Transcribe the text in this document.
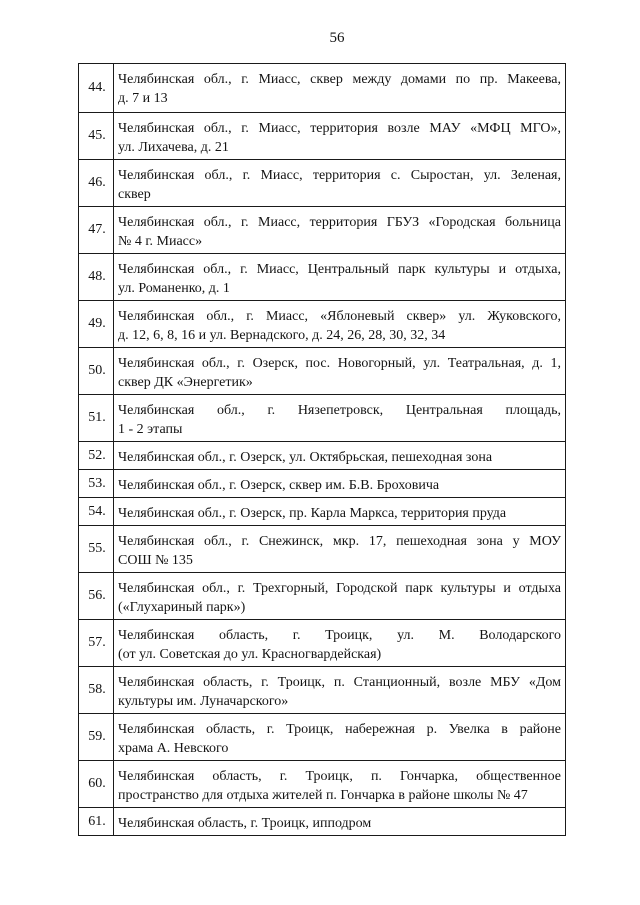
56
44.
Челябинская обл., г. Миасс, сквер между домами по пр. Макеева,
д. 7 и 13
45. Челябинская обл., г. Миасс, территория возле МАУ «МФЦ МГО»,
ул. Лихачева, д. 21
46. Челябинская обл., г. Миасс, территория с. Сыростан, ул. Зеленая,
сквер
47. Челябинская обл., г. Миасс, территория ГБУЗ «Городская больница
№ 4 г. Миасс»
48. Челябинская обл., г. Миасс, Центральный парк культуры и отдыха,
ул. Романенко, д. 1
49. Челябинская обл., г. Миасс, «Яблоневый сквер» ул. Жуковского,
д. 12, 6, 8, 16 и ул. Вернадского, д. 24, 26, 28, 30, 32, 34
50. Челябинская обл., г. Озерск, пос. Новогорный, ул. Театральная, д. 1,
сквер ДК «Энергетик»
51. Челябинская обл., г. Нязепетровск, Центральная площадь,
1 - 2 этапы
52. Челябинская обл., г. Озерск, ул. Октябрьская, пешеходная зона
53. Челябинская обл., г. Озерск, сквер им. Б.В. Броховича
54. Челябинская обл., г. Озерск, пр. Карла Маркса, территория пруда
55. Челябинская обл., г. Снежинск, мкр. 17, пешеходная зона у МОУ
СОШ № 135
56. Челябинская обл., г. Трехгорный, Городской парк культуры и отдыха
(«Глухариный парк»)
57. Челябинская область, г. Троицк, ул. М. Володарского
(от ул. Советская до ул. Красногвардейская)
58. Челябинская область, г. Троицк, п. Станционный, возле МБУ «Дом
культуры им. Луначарского»
59. Челябинская область, г. Троицк, набережная р. Увелка в районе
храма А. Невского
60. Челябинская область, г. Троицк, п. Гончарка, общественное
пространство для отдыха жителей п. Гончарка в районе школы № 47
61. Челябинская область, г. Троицк, ипподром
